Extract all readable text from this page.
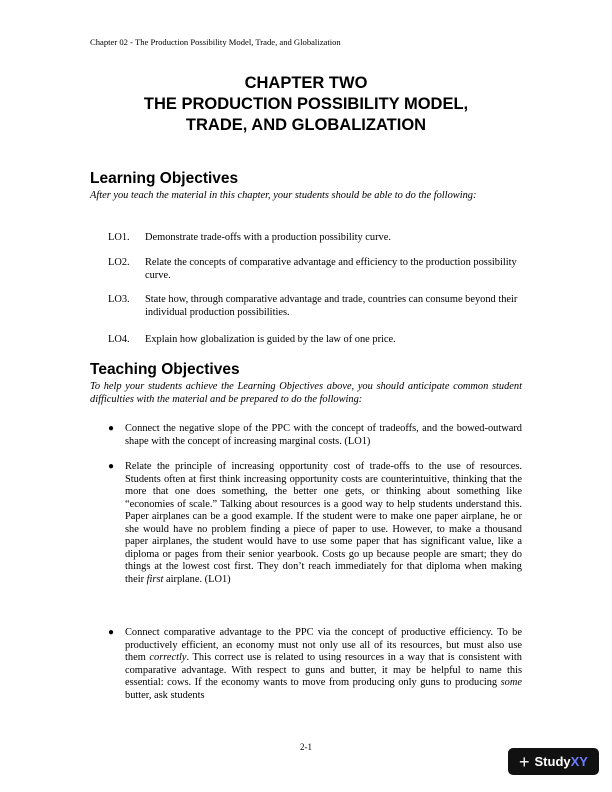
Chapter 02 - The Production Possibility Model, Trade, and Globalization
CHAPTER TWO
THE PRODUCTION POSSIBILITY MODEL,
TRADE, AND GLOBALIZATION
Learning Objectives
After you teach the material in this chapter, your students should be able to do the following:
LO1.	Demonstrate trade-offs with a production possibility curve.
LO2.	Relate the concepts of comparative advantage and efficiency to the production possibility curve.
LO3.	State how, through comparative advantage and trade, countries can consume beyond their individual production possibilities.
LO4.	Explain how globalization is guided by the law of one price.
Teaching Objectives
To help your students achieve the Learning Objectives above, you should anticipate common student difficulties with the material and be prepared to do the following:
●	Connect the negative slope of the PPC with the concept of tradeoffs, and the bowed-outward shape with the concept of increasing marginal costs. (LO1)
●	Relate the principle of increasing opportunity cost of trade-offs to the use of resources. Students often at first think increasing opportunity costs are counterintuitive, thinking that the more that one does something, the better one gets, or thinking about something like “economies of scale.” Talking about resources is a good way to help students understand this. Paper airplanes can be a good example. If the student were to make one paper airplane, he or she would have no problem finding a piece of paper to use. However, to make a thousand paper airplanes, the student would have to use some paper that has significant value, like a diploma or pages from their senior yearbook. Costs go up because people are smart; they do things at the lowest cost first. They don’t reach immediately for that diploma when making their first airplane. (LO1)
●	Connect comparative advantage to the PPC via the concept of productive efficiency. To be productively efficient, an economy must not only use all of its resources, but must also use them correctly. This correct use is related to using resources in a way that is consistent with comparative advantage. With respect to guns and butter, it may be helpful to name this essential: cows. If the economy wants to move from producing only guns to producing some butter, ask students
2-1
+ Study XY
